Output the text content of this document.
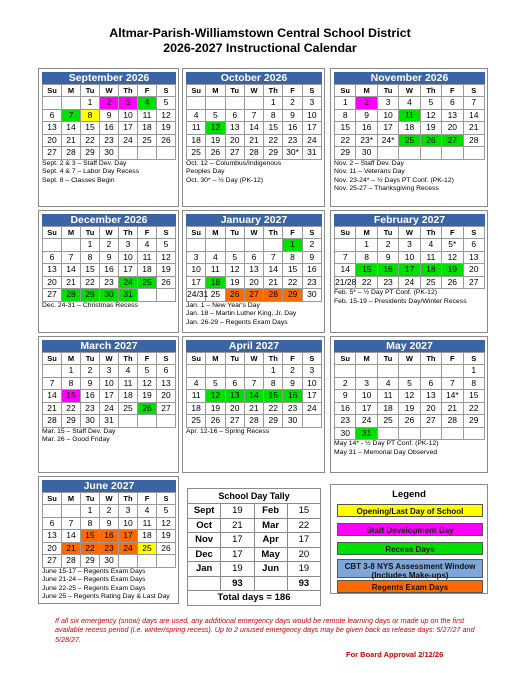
Altmar-Parish-Williamstown Central School District
2026-2027 Instructional Calendar
September 2026
Su	M	Tu	W	Th	F	S
		1	2	3	4	5
6	7	8	9	10	11	12
13	14	15	16	17	18	19
20	21	22	23	24	25	26
27	28	29	30			
Sept. 2 & 3 – Staff Dev. Day
Sept. 4 & 7 – Labor Day Recess
Sept. 8 – Classes Begin
October 2026
Su	M	Tu	W	Th	F	S
				1	2	3
4	5	6	7	8	9	10
11	12	13	14	15	16	17
18	19	20	21	22	23	24
25	26	27	28	29	30*	31
Oct. 12 – Columbus/Indigenous
Peoples Day
Oct. 30* – ½ Day (PK-12)
November 2026
Su	M	Tu	W	Th	F	S
1	2	3	4	5	6	7
8	9	10	11	12	13	14
15	16	17	18	19	20	21
22	23*	24*	25	26	27	28
29	30					
Nov. 2 – Staff Dev. Day
Nov. 11 – Veterans Day
Nov. 23-24* – ½ Days PT Conf. (PK-12)
Nov. 25-27 – Thanksgiving Recess
December 2026
Su	M	Tu	W	Th	F	S
		1	2	3	4	5
6	7	8	9	10	11	12
13	14	15	16	17	18	19
20	21	22	23	24	25	26
27	28	29	30	31		
Dec. 24-31 – Christmas Recess
January 2027
Su	M	Tu	W	Th	F	S
					1	2
3	4	5	6	7	8	9
10	11	12	13	14	15	16
17	18	19	20	21	22	23
24/31	25	26	27	28	29	30
Jan. 1 – New Year's Day
Jan. 18 – Martin Luther King, Jr. Day
Jan. 26-29 – Regents Exam Days
February 2027
Su	M	Tu	W	Th	F	S
	1	2	3	4	5*	6
7	8	9	10	11	12	13
14	15	16	17	18	19	20
21/28	22	23	24	25	26	27
Feb. 5* – ½ Day PT Conf. (PK-12)
Feb. 15-19 – Presidents Day/Winter Recess
March 2027
Su	M	Tu	W	Th	F	S
	1	2	3	4	5	6
7	8	9	10	11	12	13
14	15	16	17	18	19	20
21	22	23	24	25	26	27
28	29	30	31			
Mar. 15 – Staff Dev. Day
Mar. 26 – Good Friday
April 2027
Su	M	Tu	W	Th	F	S
				1	2	3
4	5	6	7	8	9	10
11	12	13	14	15	16	17
18	19	20	21	22	23	24
25	26	27	28	29	30	
Apr. 12-16 – Spring Recess
May 2027
Su	M	Tu	W	Th	F	S
						1
2	3	4	5	6	7	8
9	10	11	12	13	14*	15
16	17	18	19	20	21	22
23	24	25	26	27	28	29
30	31					
May 14* - ½ Day PT Conf. (PK-12)
May 31 – Memorial Day Observed
June 2027
Su	M	Tu	W	Th	F	S
		1	2	3	4	5
6	7	8	9	10	11	12
13	14	15	16	17	18	19
20	21	22	23	24	25	26
27	28	29	30			
June 15-17 – Regents Exam Days
June 21-24 – Regents Exam Days
June 22-25 – Regents Exam Days
June 25 – Regents Rating Day & Last Day
School Day Tally			
Sept	19	Feb	15
Oct	21	Mar	22
Nov	17	Apr	17
Dec	17	May	20
Jan	19	Jun	19
	93		93
Total days = 186			
Legend
Opening/Last Day of School
Staff Development Day
Recess Days
CBT 3-8 NYS Assessment Window
(Includes Make-ups)
Regents Exam Days
If all six emergency (snow) days are used, any additional emergency days would be remote learning days or made up on the first available recess period (i.e. winter/spring recess). Up to 2 unused emergency days may be given back as release days: 5/27/27 and 5/28/27.
For Board Approval 2/12/26
